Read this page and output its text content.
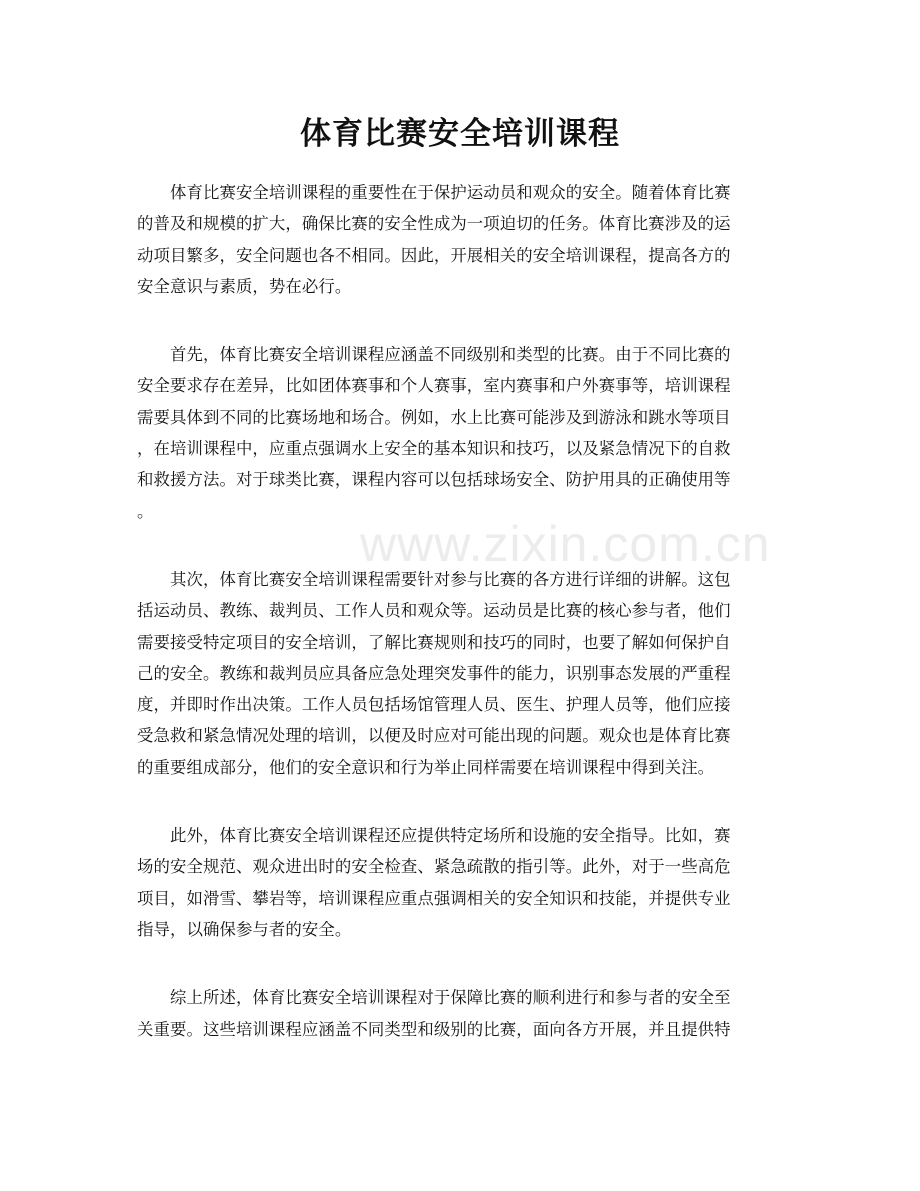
www.zixin.com.cn
体育比赛安全培训课程
　　体育比赛安全培训课程的重要性在于保护运动员和观众的安全。随着体育比赛
的普及和规模的扩大，确保比赛的安全性成为一项迫切的任务。体育比赛涉及的运
动项目繁多，安全问题也各不相同。因此，开展相关的安全培训课程，提高各方的
安全意识与素质，势在必行。
　　首先，体育比赛安全培训课程应涵盖不同级别和类型的比赛。由于不同比赛的
安全要求存在差异，比如团体赛事和个人赛事，室内赛事和户外赛事等，培训课程
需要具体到不同的比赛场地和场合。例如，水上比赛可能涉及到游泳和跳水等项目
，在培训课程中，应重点强调水上安全的基本知识和技巧，以及紧急情况下的自救
和救援方法。对于球类比赛，课程内容可以包括球场安全、防护用具的正确使用等
。
　　其次，体育比赛安全培训课程需要针对参与比赛的各方进行详细的讲解。这包
括运动员、教练、裁判员、工作人员和观众等。运动员是比赛的核心参与者，他们
需要接受特定项目的安全培训，了解比赛规则和技巧的同时，也要了解如何保护自
己的安全。教练和裁判员应具备应急处理突发事件的能力，识别事态发展的严重程
度，并即时作出决策。工作人员包括场馆管理人员、医生、护理人员等，他们应接
受急救和紧急情况处理的培训，以便及时应对可能出现的问题。观众也是体育比赛
的重要组成部分，他们的安全意识和行为举止同样需要在培训课程中得到关注。
　　此外，体育比赛安全培训课程还应提供特定场所和设施的安全指导。比如，赛
场的安全规范、观众进出时的安全检查、紧急疏散的指引等。此外，对于一些高危
项目，如滑雪、攀岩等，培训课程应重点强调相关的安全知识和技能，并提供专业
指导，以确保参与者的安全。
　　综上所述，体育比赛安全培训课程对于保障比赛的顺利进行和参与者的安全至
关重要。这些培训课程应涵盖不同类型和级别的比赛，面向各方开展，并且提供特
